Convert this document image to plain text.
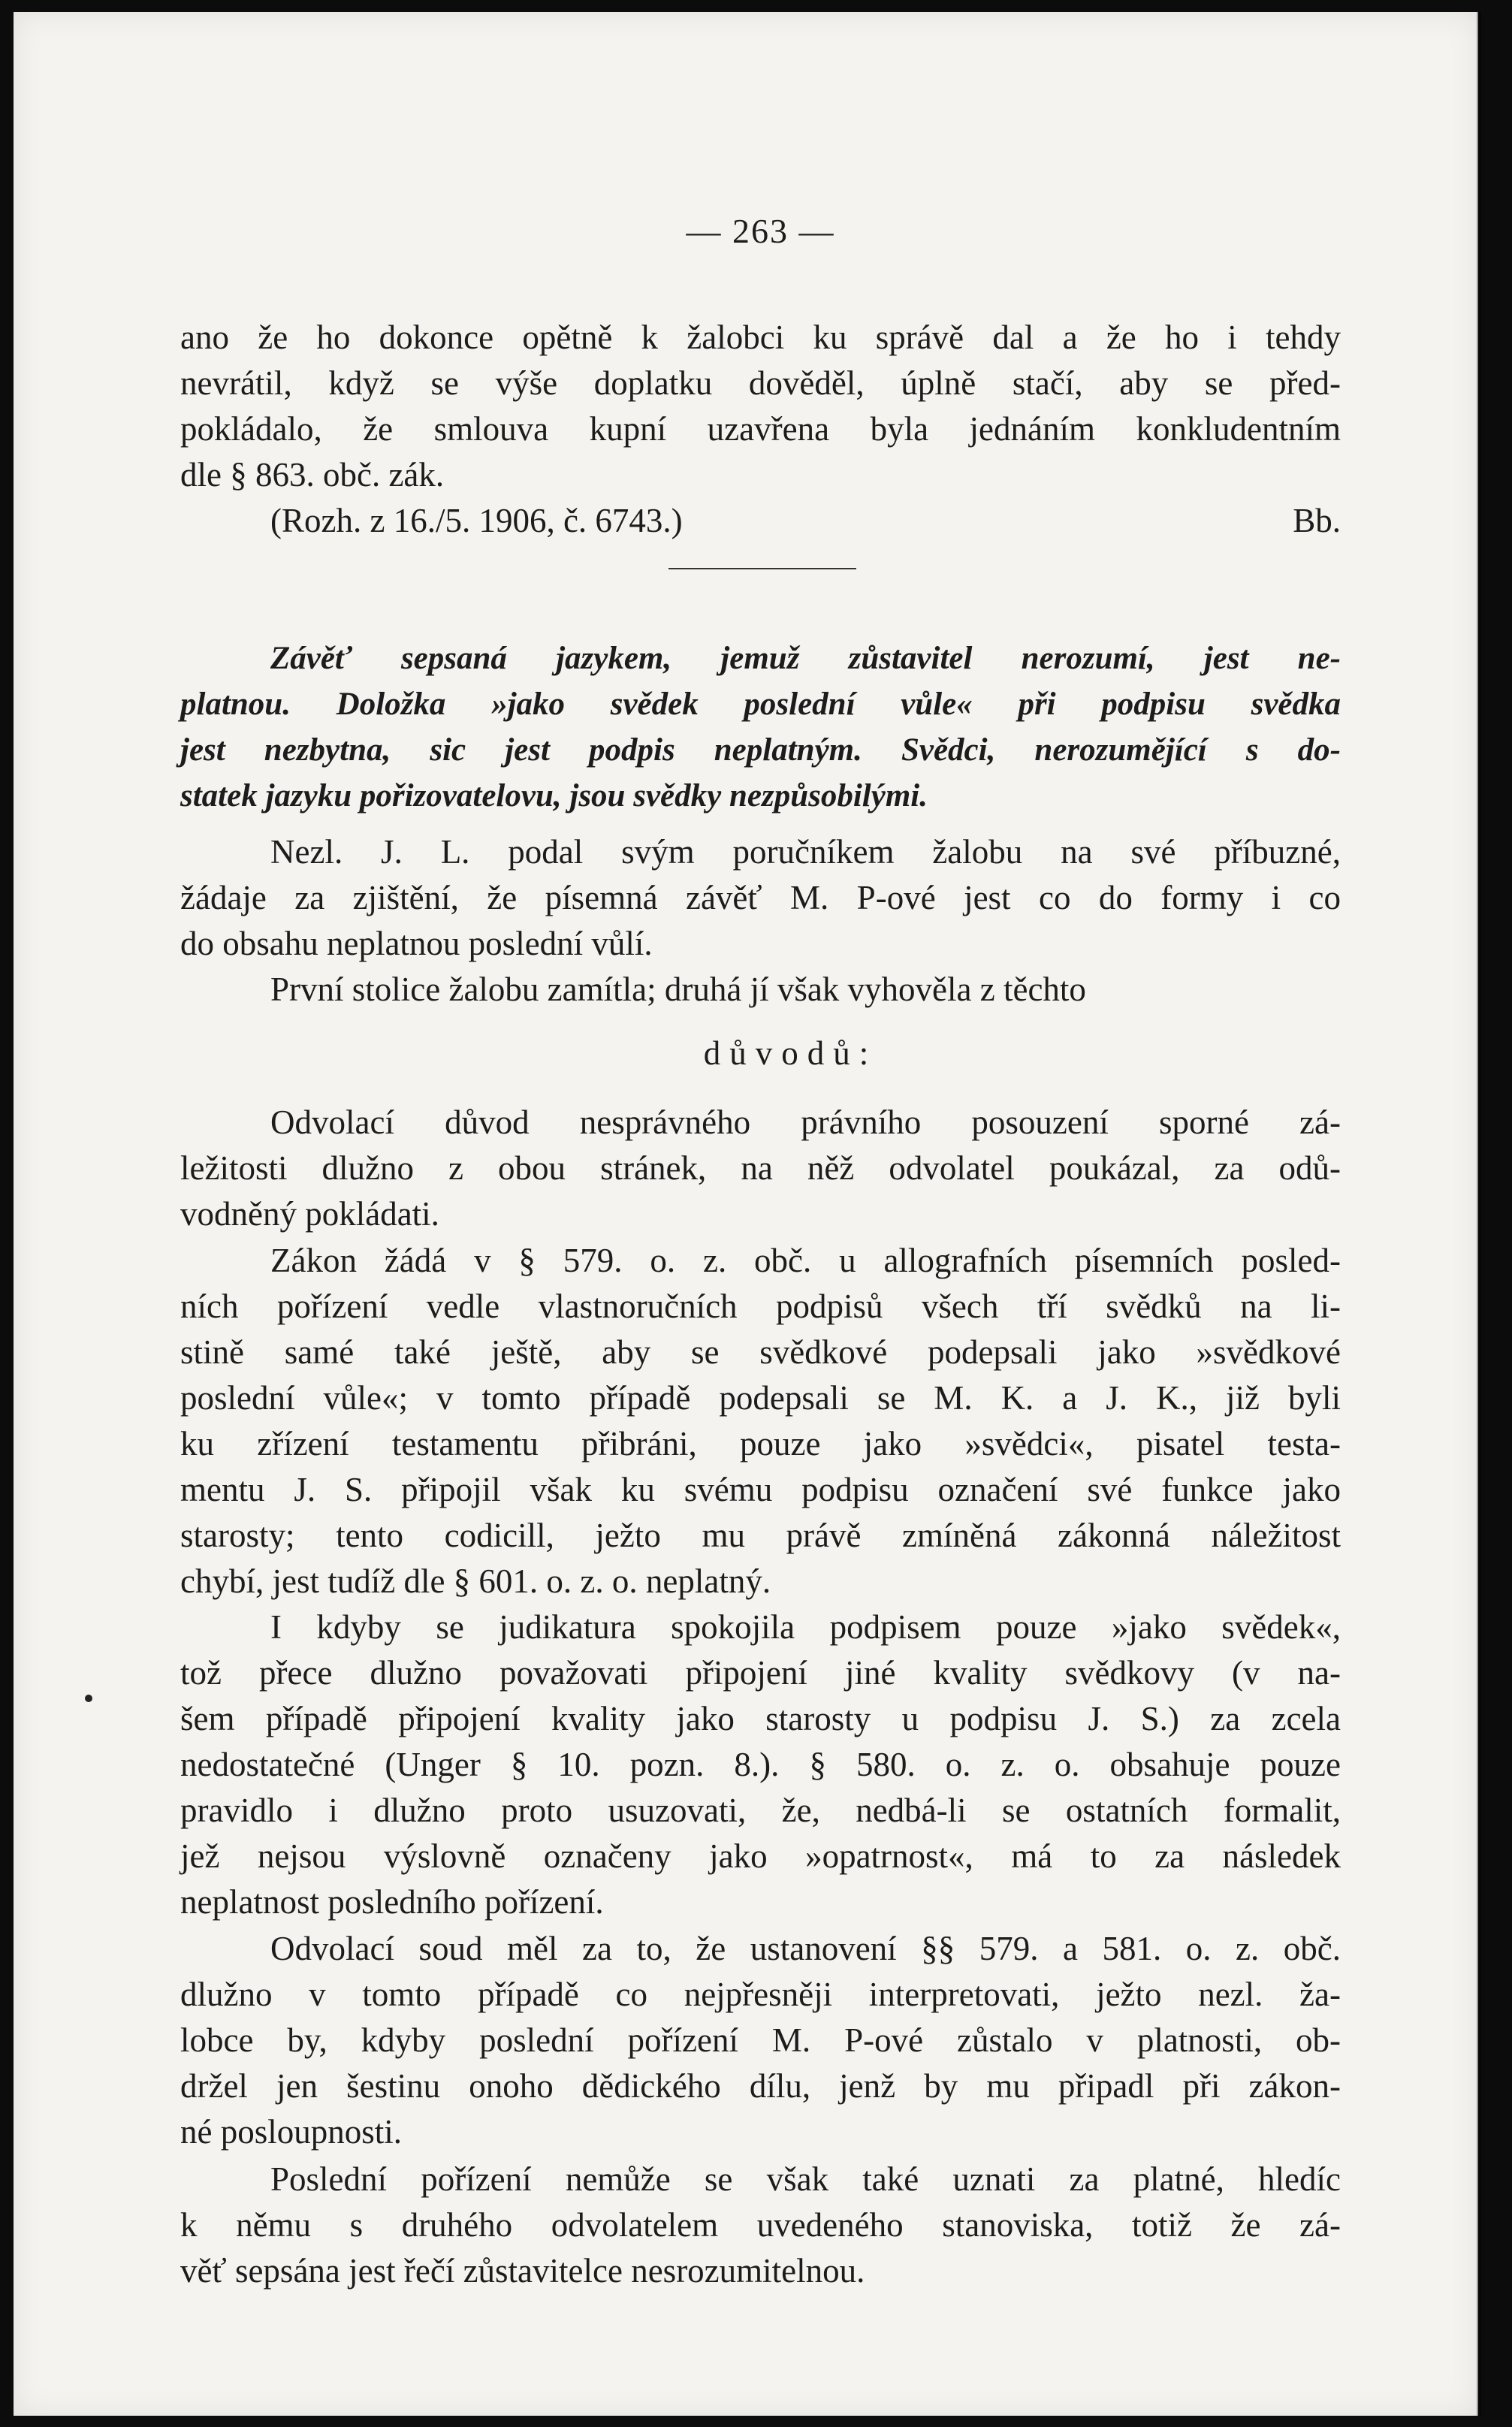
— 263 —
ano že ho dokonce opětně k žalobci ku správě dal a že ho i tehdy
nevrátil, když se výše doplatku dověděl, úplně stačí, aby se před-
pokládalo, že smlouva kupní uzavřena byla jednáním konkludentním
dle § 863. obč. zák.
(Rozh. z 16./5. 1906, č. 6743.)	Bb.
Závěť sepsaná jazykem, jemuž zůstavitel nerozumí, jest ne-
platnou. Doložka »jako svědek poslední vůle« při podpisu svědka
jest nezbytna, sic jest podpis neplatným. Svědci, nerozumějící s do-
statek jazyku pořizovatelovu, jsou svědky nezpůsobilými.
Nezl. J. L. podal svým poručníkem žalobu na své příbuzné,
žádaje za zjištění, že písemná závěť M. P-ové jest co do formy i co
do obsahu neplatnou poslední vůlí.
První stolice žalobu zamítla; druhá jí však vyhověla z těchto
důvodů:
Odvolací důvod nesprávného právního posouzení sporné zá-
ležitosti dlužno z obou stránek, na něž odvolatel poukázal, za odů-
vodněný pokládati.
Zákon žádá v § 579. o. z. obč. u allografních písemních posled-
ních pořízení vedle vlastnoručních podpisů všech tří svědků na li-
stině samé také ještě, aby se svědkové podepsali jako »svědkové
poslední vůle«; v tomto případě podepsali se M. K. a J. K., již byli
ku zřízení testamentu přibráni, pouze jako »svědci«, pisatel testa-
mentu J. S. připojil však ku svému podpisu označení své funkce jako
starosty; tento codicill, ježto mu právě zmíněná zákonná náležitost
chybí, jest tudíž dle § 601. o. z. o. neplatný.
I kdyby se judikatura spokojila podpisem pouze »jako svědek«,
tož přece dlužno považovati připojení jiné kvality svědkovy (v na-
šem případě připojení kvality jako starosty u podpisu J. S.) za zcela
nedostatečné (Unger § 10. pozn. 8.). § 580. o. z. o. obsahuje pouze
pravidlo i dlužno proto usuzovati, že, nedbá-li se ostatních formalit,
jež nejsou výslovně označeny jako »opatrnost«, má to za následek
neplatnost posledního pořízení.
Odvolací soud měl za to, že ustanovení §§ 579. a 581. o. z. obč.
dlužno v tomto případě co nejpřesněji interpretovati, ježto nezl. ža-
lobce by, kdyby poslední pořízení M. P-ové zůstalo v platnosti, ob-
držel jen šestinu onoho dědického dílu, jenž by mu připadl při zákon-
né posloupnosti.
Poslední pořízení nemůže se však také uznati za platné, hledíc
k němu s druhého odvolatelem uvedeného stanoviska, totiž že zá-
věť sepsána jest řečí zůstavitelce nesrozumitelnou.
